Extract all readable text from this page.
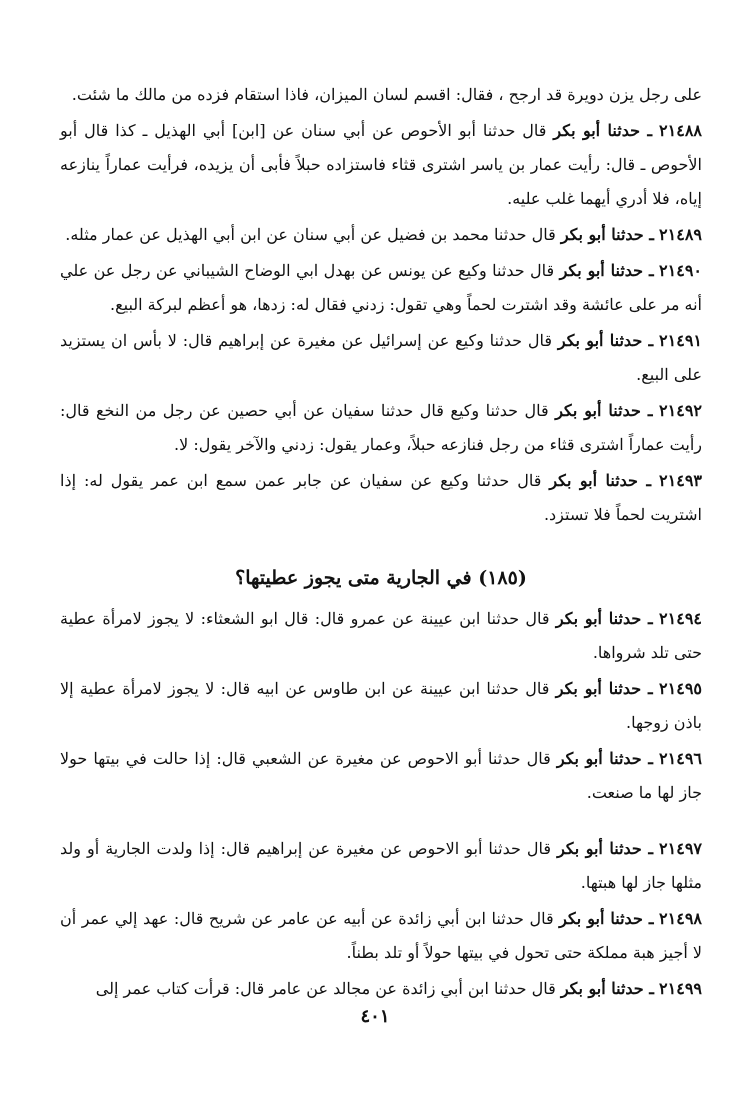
على رجل يزن دويرة قد ارجح ، فقال: اقسم لسان الميزان، فاذا استقام فزده من مالك ما شئت.

٢١٤٨٨ ـ حدثنا أبو بكر قال حدثنا أبو الأحوص عن أبي سنان عن [ابن] أبي الهذيل ـ كذا قال أبو الأحوص ـ قال: رأيت عمار بن ياسر اشترى قثاء فاستزاده حبلاً فأبى أن يزيده، فرأيت عماراً ينازعه إياه، فلا أدري أيهما غلب عليه.

٢١٤٨٩ ـ حدثنا أبو بكر قال حدثنا محمد بن فضيل عن أبي سنان عن ابن أبي الهذيل عن عمار مثله.

٢١٤٩٠ ـ حدثنا أبو بكر قال حدثنا وكيع عن يونس عن بهدل ابي الوضاح الشيباني عن رجل عن علي أنه مر على عائشة وقد اشترت لحماً وهي تقول: زدني فقال له: زدها، هو أعظم لبركة البيع.

٢١٤٩١ ـ حدثنا أبو بكر قال حدثنا وكيع عن إسرائيل عن مغيرة عن إبراهيم قال: لا بأس ان يستزيد على البيع.

٢١٤٩٢ ـ حدثنا أبو بكر قال حدثنا وكيع قال حدثنا سفيان عن أبي حصين عن رجل من النخع قال: رأيت عماراً اشترى قثاء من رجل فنازعه حبلاً، وعمار يقول: زدني والآخر يقول: لا.

٢١٤٩٣ ـ حدثنا أبو بكر قال حدثنا وكيع عن سفيان عن جابر عمن سمع ابن عمر يقول له: إذا اشتريت لحماً فلا تستزد.

(١٨٥) في الجارية متى يجوز عطيتها؟

٢١٤٩٤ ـ حدثنا أبو بكر قال حدثنا ابن عيينة عن عمرو قال: قال ابو الشعثاء: لا يجوز لامرأة عطية حتى تلد شرواها.

٢١٤٩٥ ـ حدثنا أبو بكر قال حدثنا ابن عيينة عن ابن طاوس عن ابيه قال: لا يجوز لامرأة عطية إلا باذن زوجها.

٢١٤٩٦ ـ حدثنا أبو بكر قال حدثنا أبو الاحوص عن مغيرة عن الشعبي قال: إذا حالت في بيتها حولا جاز لها ما صنعت.

٢١٤٩٧ ـ حدثنا أبو بكر قال حدثنا أبو الاحوص عن مغيرة عن إبراهيم قال: إذا ولدت الجارية أو ولد مثلها جاز لها هبتها.

٢١٤٩٨ ـ حدثنا أبو بكر قال حدثنا ابن أبي زائدة عن أبيه عن عامر عن شريح قال: عهد إلي عمر أن لا أجيز هبة مملكة حتى تحول في بيتها حولاً أو تلد بطناً.

٢١٤٩٩ ـ حدثنا أبو بكر قال حدثنا ابن أبي زائدة عن مجالد عن عامر قال: قرأت كتاب عمر إلى

٤٠١
